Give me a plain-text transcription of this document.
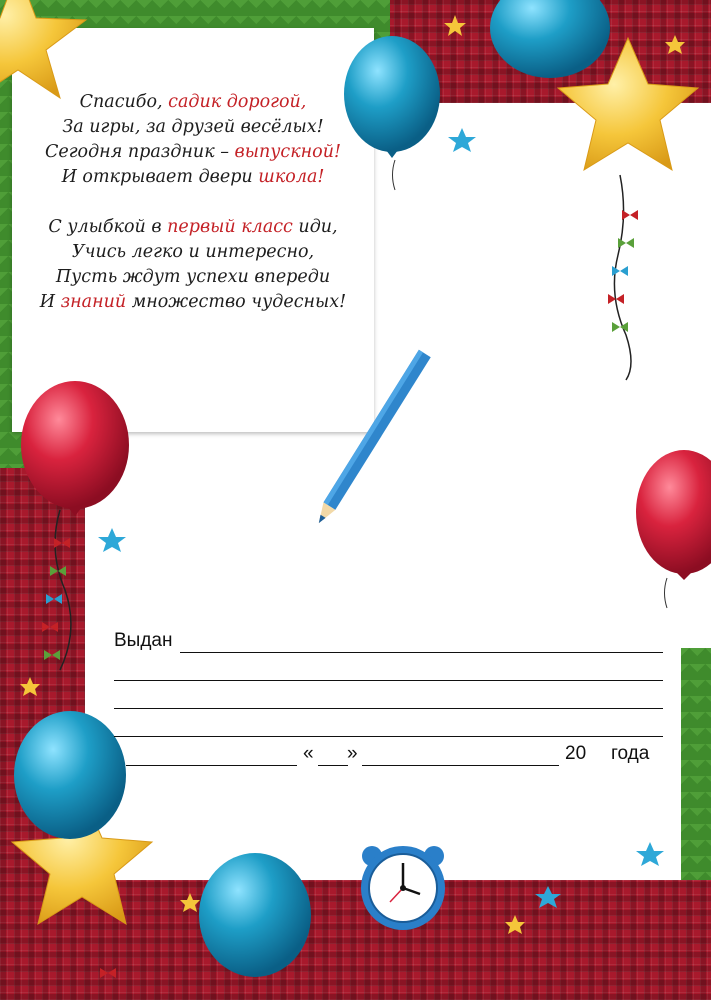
Спасибо, садик дорогой,
За игры, за друзей весёлых!
Сегодня праздник – выпускной!
И открывает двери школа!
С улыбкой в первый класс иди,
Учись легко и интересно,
Пусть ждут успехи впереди
И знаний множество чудесных!
Выдан
« »	20 года
